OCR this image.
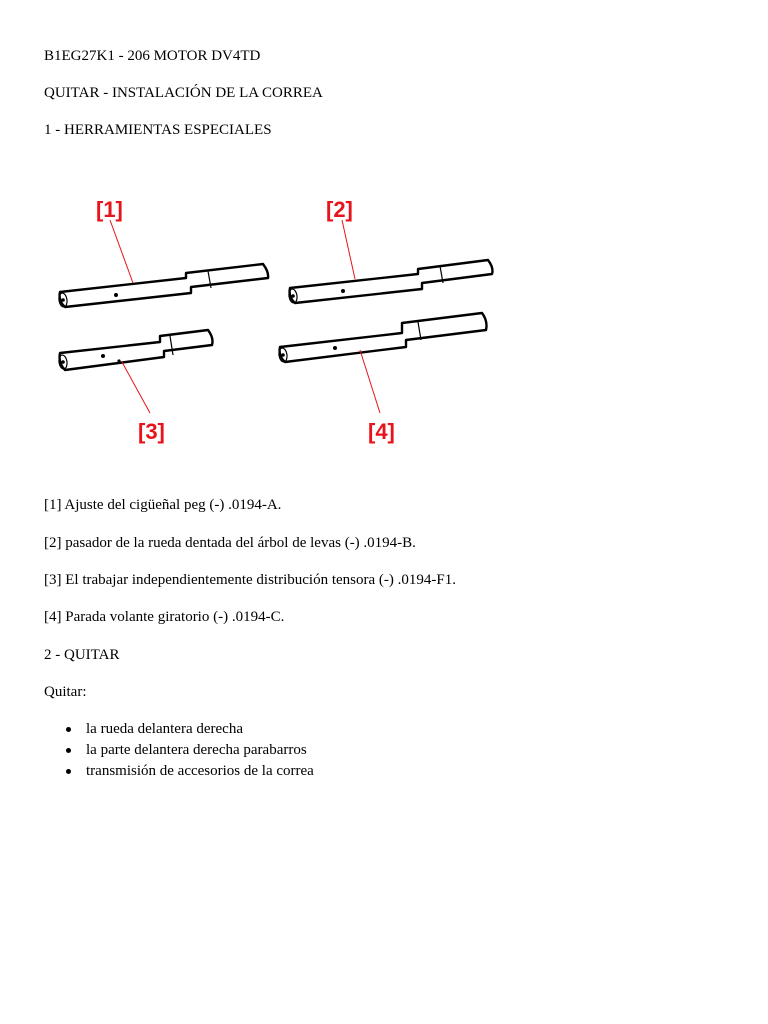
B1EG27K1 - 206 MOTOR DV4TD
QUITAR - INSTALACIÓN DE LA CORREA
1 - HERRAMIENTAS ESPECIALES
[1]	[2]
[3]	[4]
[1] Ajuste del cigüeñal peg (-) .0194-A.
[2] pasador de la rueda dentada del árbol de levas (-) .0194-B.
[3] El trabajar independientemente distribución tensora (-) .0194-F1.
[4] Parada volante giratorio (-) .0194-C.
2 - QUITAR
Quitar:
la rueda delantera derecha
la parte delantera derecha parabarros
transmisión de accesorios de la correa
